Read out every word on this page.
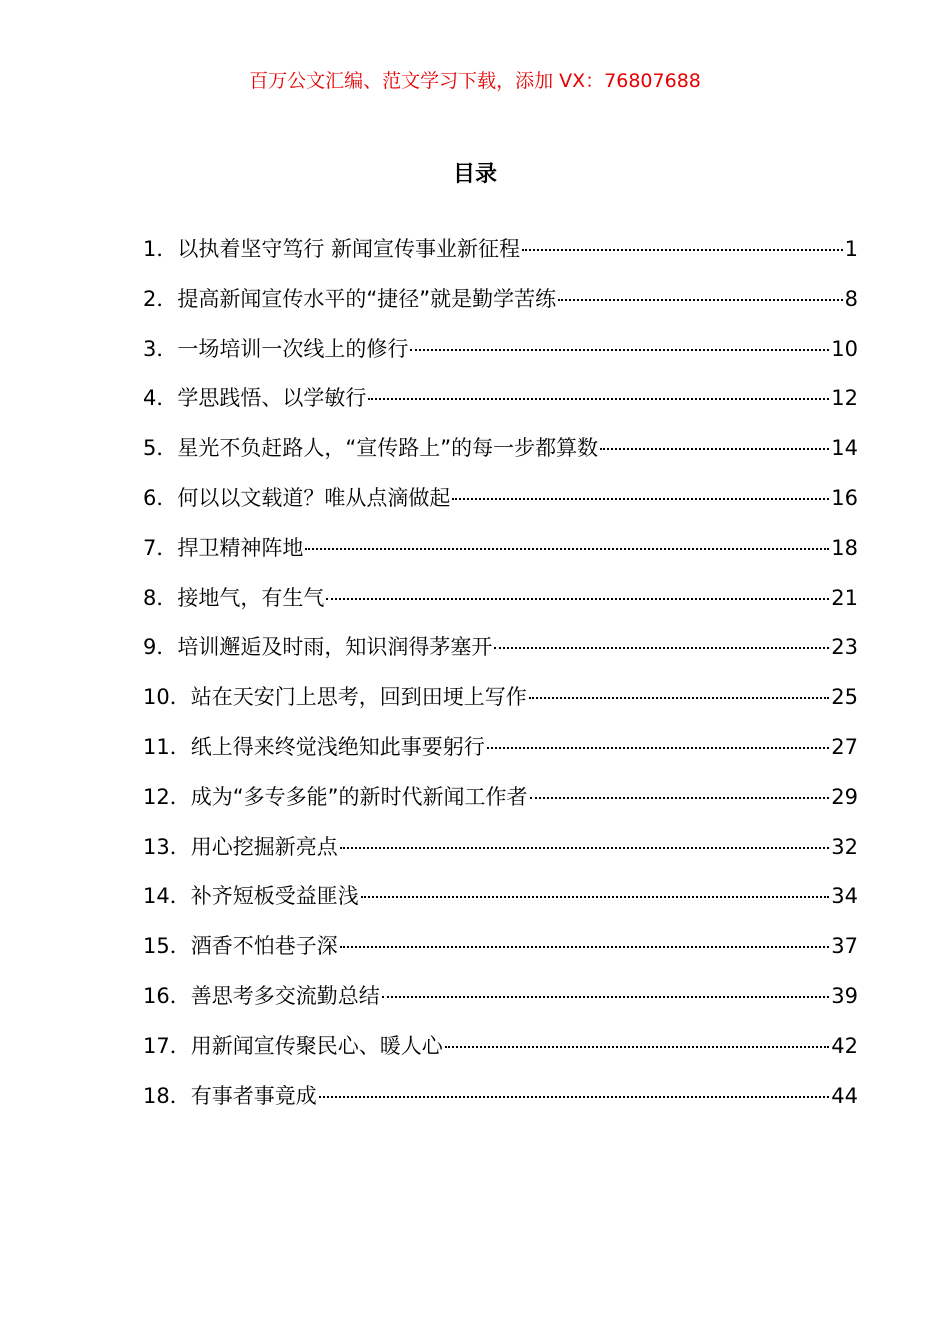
百万公文汇编、范文学习下载，添加 VX：76807688
目录
1． 以执着坚守笃行 新闻宣传事业新征程	1
2． 提高新闻宣传水平的“捷径”就是勤学苦练	8
3． 一场培训一次线上的修行	10
4． 学思践悟、以学敏行	12
5． 星光不负赶路人，“宣传路上”的每一步都算数	14
6． 何以以文载道？唯从点滴做起	16
7． 捍卫精神阵地	18
8． 接地气，有生气	21
9． 培训邂逅及时雨，知识润得茅塞开	23
10． 站在天安门上思考，回到田埂上写作	25
11． 纸上得来终觉浅绝知此事要躬行	27
12． 成为“多专多能”的新时代新闻工作者	29
13． 用心挖掘新亮点	32
14． 补齐短板受益匪浅	34
15． 酒香不怕巷子深	37
16． 善思考多交流勤总结	39
17． 用新闻宣传聚民心、暖人心	42
18． 有事者事竟成	44
